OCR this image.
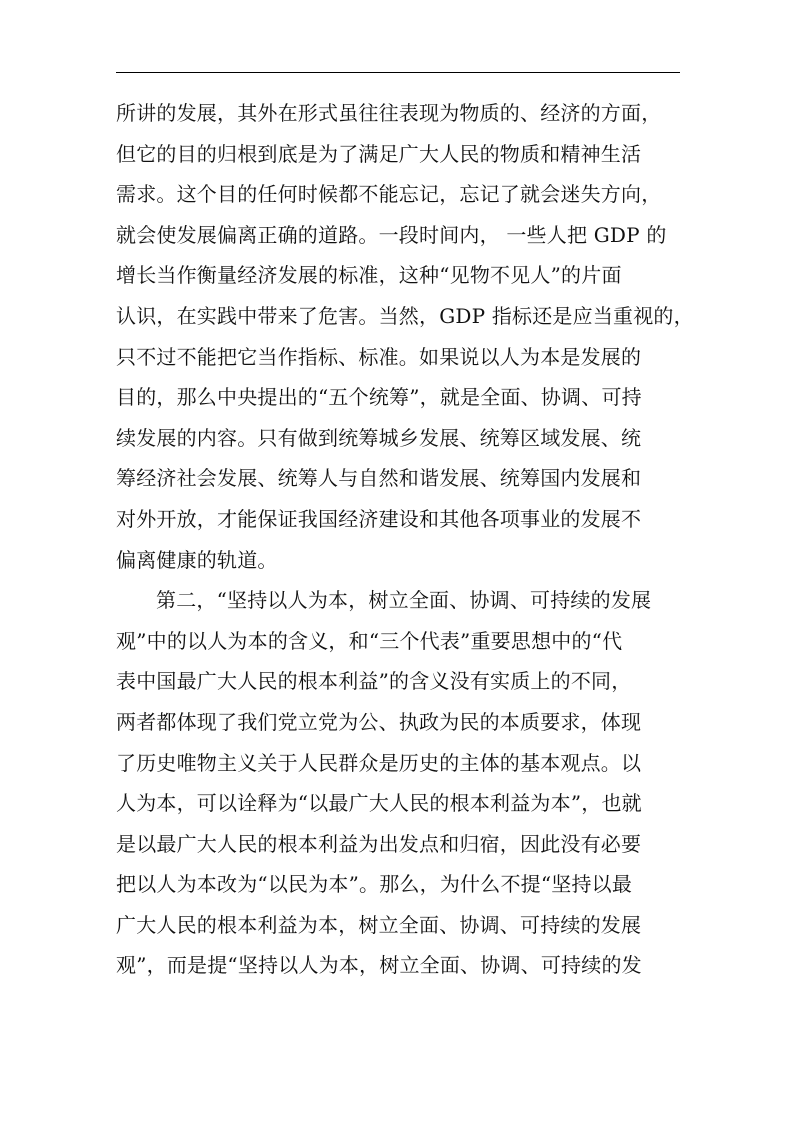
所讲的发展，其外在形式虽往往表现为物质的、经济的方面，

但它的目的归根到底是为了满足广大人民的物质和精神生活

需求。这个目的任何时候都不能忘记，忘记了就会迷失方向，

就会使发展偏离正确的道路。一段时间内， 一些人把 GDP 的

增长当作衡量经济发展的标准，这种“见物不见人”的片面

认识，在实践中带来了危害。当然，GDP 指标还是应当重视的，

只不过不能把它当作指标、标准。如果说以人为本是发展的

目的，那么中央提出的“五个统筹”，就是全面、协调、可持

续发展的内容。只有做到统筹城乡发展、统筹区域发展、统

筹经济社会发展、统筹人与自然和谐发展、统筹国内发展和

对外开放，才能保证我国经济建设和其他各项事业的发展不

偏离健康的轨道。

第二，“坚持以人为本，树立全面、协调、可持续的发展

观”中的以人为本的含义，和“三个代表”重要思想中的“代

表中国最广大人民的根本利益”的含义没有实质上的不同，

两者都体现了我们党立党为公、执政为民的本质要求，体现

了历史唯物主义关于人民群众是历史的主体的基本观点。以

人为本，可以诠释为“以最广大人民的根本利益为本”，也就

是以最广大人民的根本利益为出发点和归宿，因此没有必要

把以人为本改为“以民为本”。那么，为什么不提“坚持以最

广大人民的根本利益为本，树立全面、协调、可持续的发展

观”，而是提“坚持以人为本，树立全面、协调、可持续的发
